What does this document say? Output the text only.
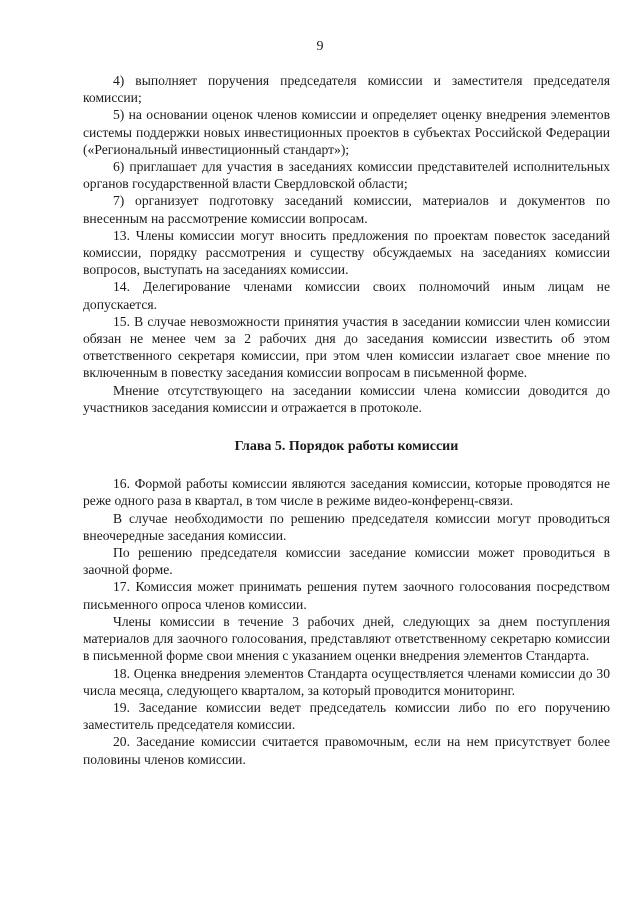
9

4) выполняет поручения председателя комиссии и заместителя председателя комиссии;

5) на основании оценок членов комиссии и определяет оценку внедрения элементов системы поддержки новых инвестиционных проектов в субъектах Российской Федерации («Региональный инвестиционный стандарт»);

6) приглашает для участия в заседаниях комиссии представителей исполнительных органов государственной власти Свердловской области;

7) организует подготовку заседаний комиссии, материалов и документов по внесенным на рассмотрение комиссии вопросам.

13. Члены комиссии могут вносить предложения по проектам повесток заседаний комиссии, порядку рассмотрения и существу обсуждаемых на заседаниях комиссии вопросов, выступать на заседаниях комиссии.

14. Делегирование членами комиссии своих полномочий иным лицам не допускается.

15. В случае невозможности принятия участия в заседании комиссии член комиссии обязан не менее чем за 2 рабочих дня до заседания комиссии известить об этом ответственного секретаря комиссии, при этом член комиссии излагает свое мнение по включенным в повестку заседания комиссии вопросам в письменной форме.

Мнение отсутствующего на заседании комиссии члена комиссии доводится до участников заседания комиссии и отражается в протоколе.

Глава 5. Порядок работы комиссии

16. Формой работы комиссии являются заседания комиссии, которые проводятся не реже одного раза в квартал, в том числе в режиме видео-конференц-связи.

В случае необходимости по решению председателя комиссии могут проводиться внеочередные заседания комиссии.

По решению председателя комиссии заседание комиссии может проводиться в заочной форме.

17. Комиссия может принимать решения путем заочного голосования посредством письменного опроса членов комиссии.

Члены комиссии в течение 3 рабочих дней, следующих за днем поступления материалов для заочного голосования, представляют ответственному секретарю комиссии в письменной форме свои мнения с указанием оценки внедрения элементов Стандарта.

18. Оценка внедрения элементов Стандарта осуществляется членами комиссии до 30 числа месяца, следующего кварталом, за который проводится мониторинг.

19. Заседание комиссии ведет председатель комиссии либо по его поручению заместитель председателя комиссии.

20. Заседание комиссии считается правомочным, если на нем присутствует более половины членов комиссии.
